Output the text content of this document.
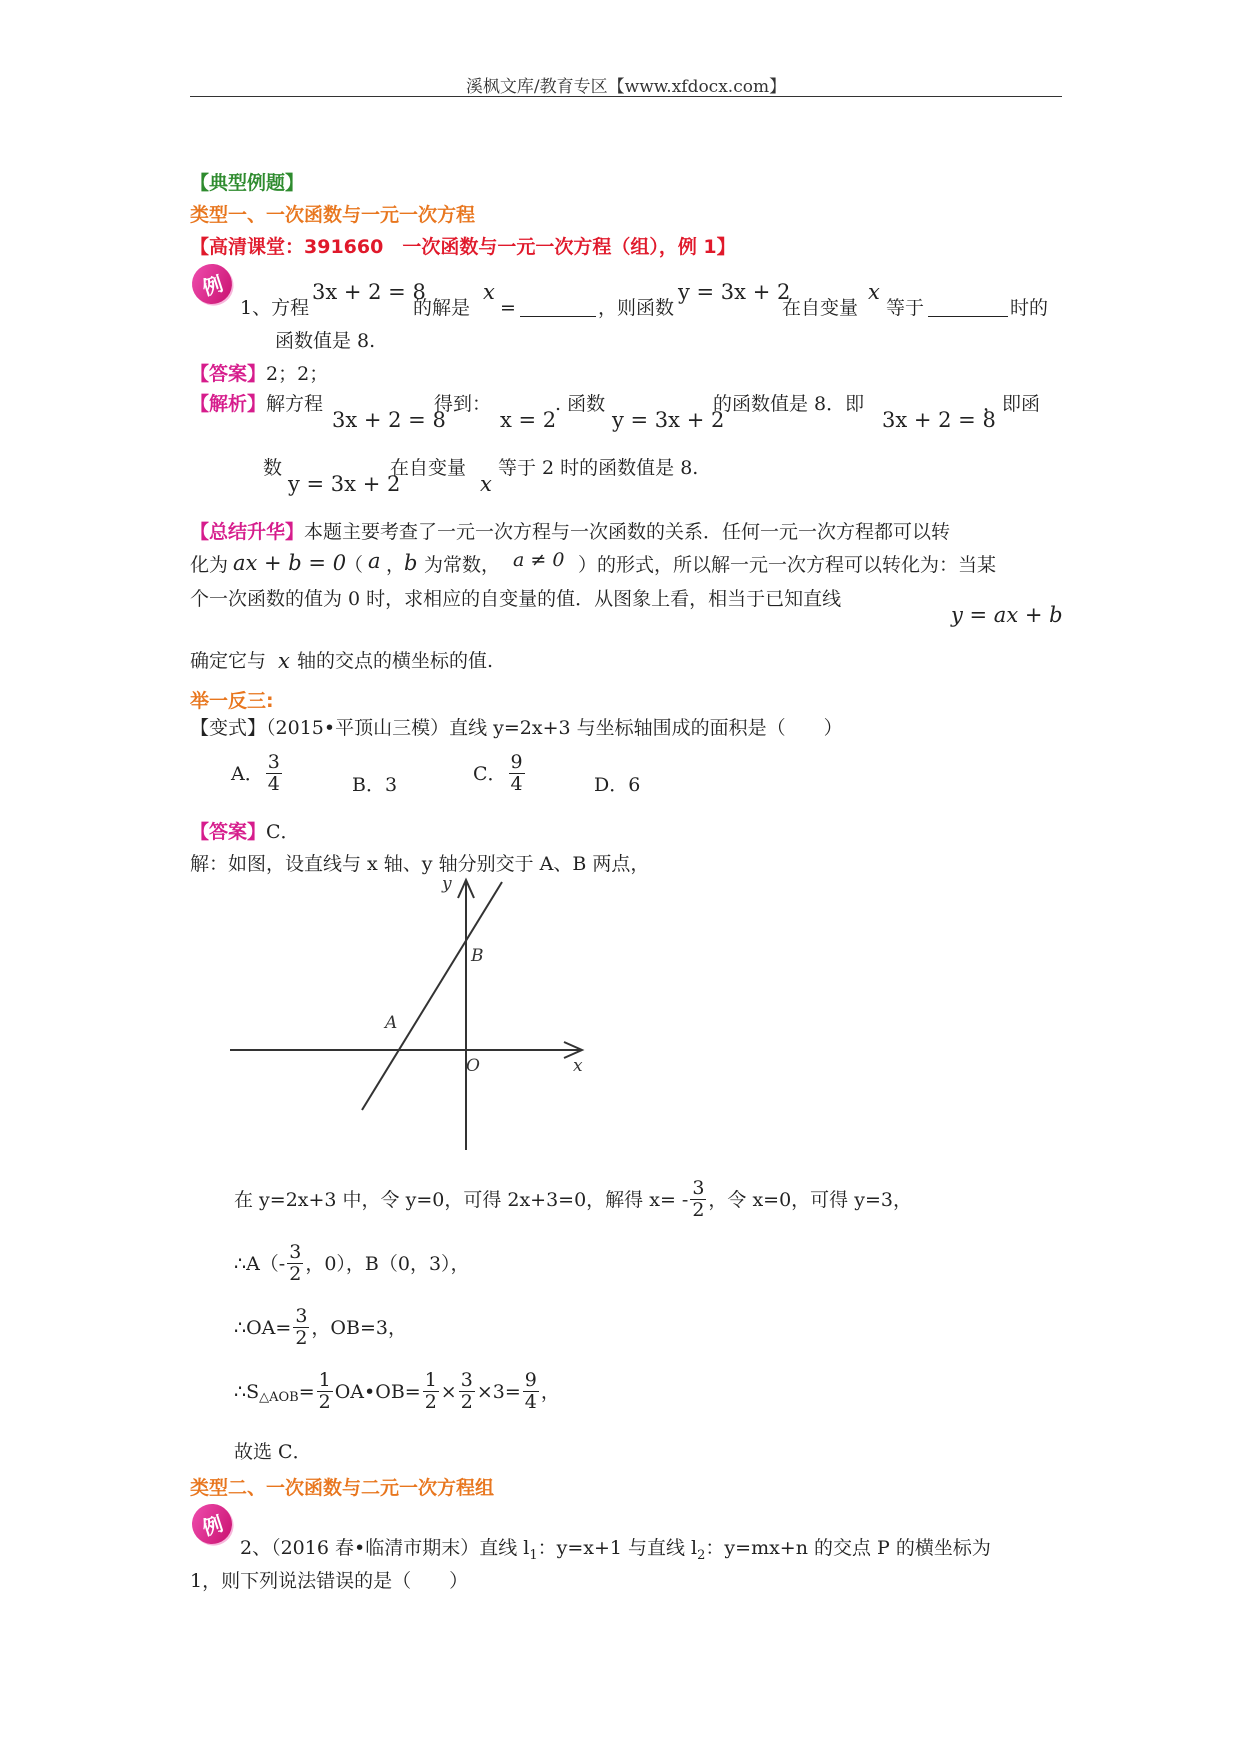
溪枫文库/教育专区【www.xfdocx.com】
【典型例题】
类型一、一次函数与一元一次方程
【高清课堂：391660　一次函数与一元一次方程（组），例 1】
例
1、方程
3x + 2 = 8
的解是
x
=	，则函数
y = 3x + 2
在自变量
x
等于	时的
函数值是 8.
【答案】2；2；
【解析】解方程
3x + 2 = 8
得到：
x = 2
. 函数
y = 3x + 2
的函数值是 8．即
3x + 2 = 8
，即函
数
y = 3x + 2
在自变量
x
等于 2 时的函数值是 8.
【总结升华】本题主要考查了一元一次方程与一次函数的关系．任何一元一次方程都可以转
化为 ax + b = 0
（ a ，
b 为常数， a ≠ 0 ）的形式，所以解一元一次方程可以转化为：当某
个一次函数的值为 0 时，求相应的自变量的值．从图象上看，相当于已知直线
y = ax + b
确定它与 x 轴的交点的横坐标的值.
举一反三:
【变式】（2015•平顶山三模）直线 y=2x+3 与坐标轴围成的面积是（　　）
A． $\frac{3}{4}$	B．3
C． $\frac{9}{4}$	D．6
【答案】C．
解：如图，设直线与 x 轴、y 轴分别交于 A、B 两点，
y
x
B
A
O
在 y=2x+3 中，令 y=0，可得 2x+3=0，解得 $x= - \frac{3}{2}$ ，令 x=0，可得 y=3，
∴A（- $\frac{3}{2}$ ，0），B（0，3），
∴OA= $\frac{3}{2}$ ，OB=3，
∴S △AOB = $\frac{1}{2}$ OA•OB= $\frac{1}{2} \times \frac{3}{2} \times 3= \frac{9}{4}$ ，
故选 C．
类型二、一次函数与二元一次方程组
例
2、（2016 春•临清市期末）直线 $l_1$：y=x+1 与直线 $l_2$：y=mx+n 的交点 P 的横坐标为
1，则下列说法错误的是（　　）
